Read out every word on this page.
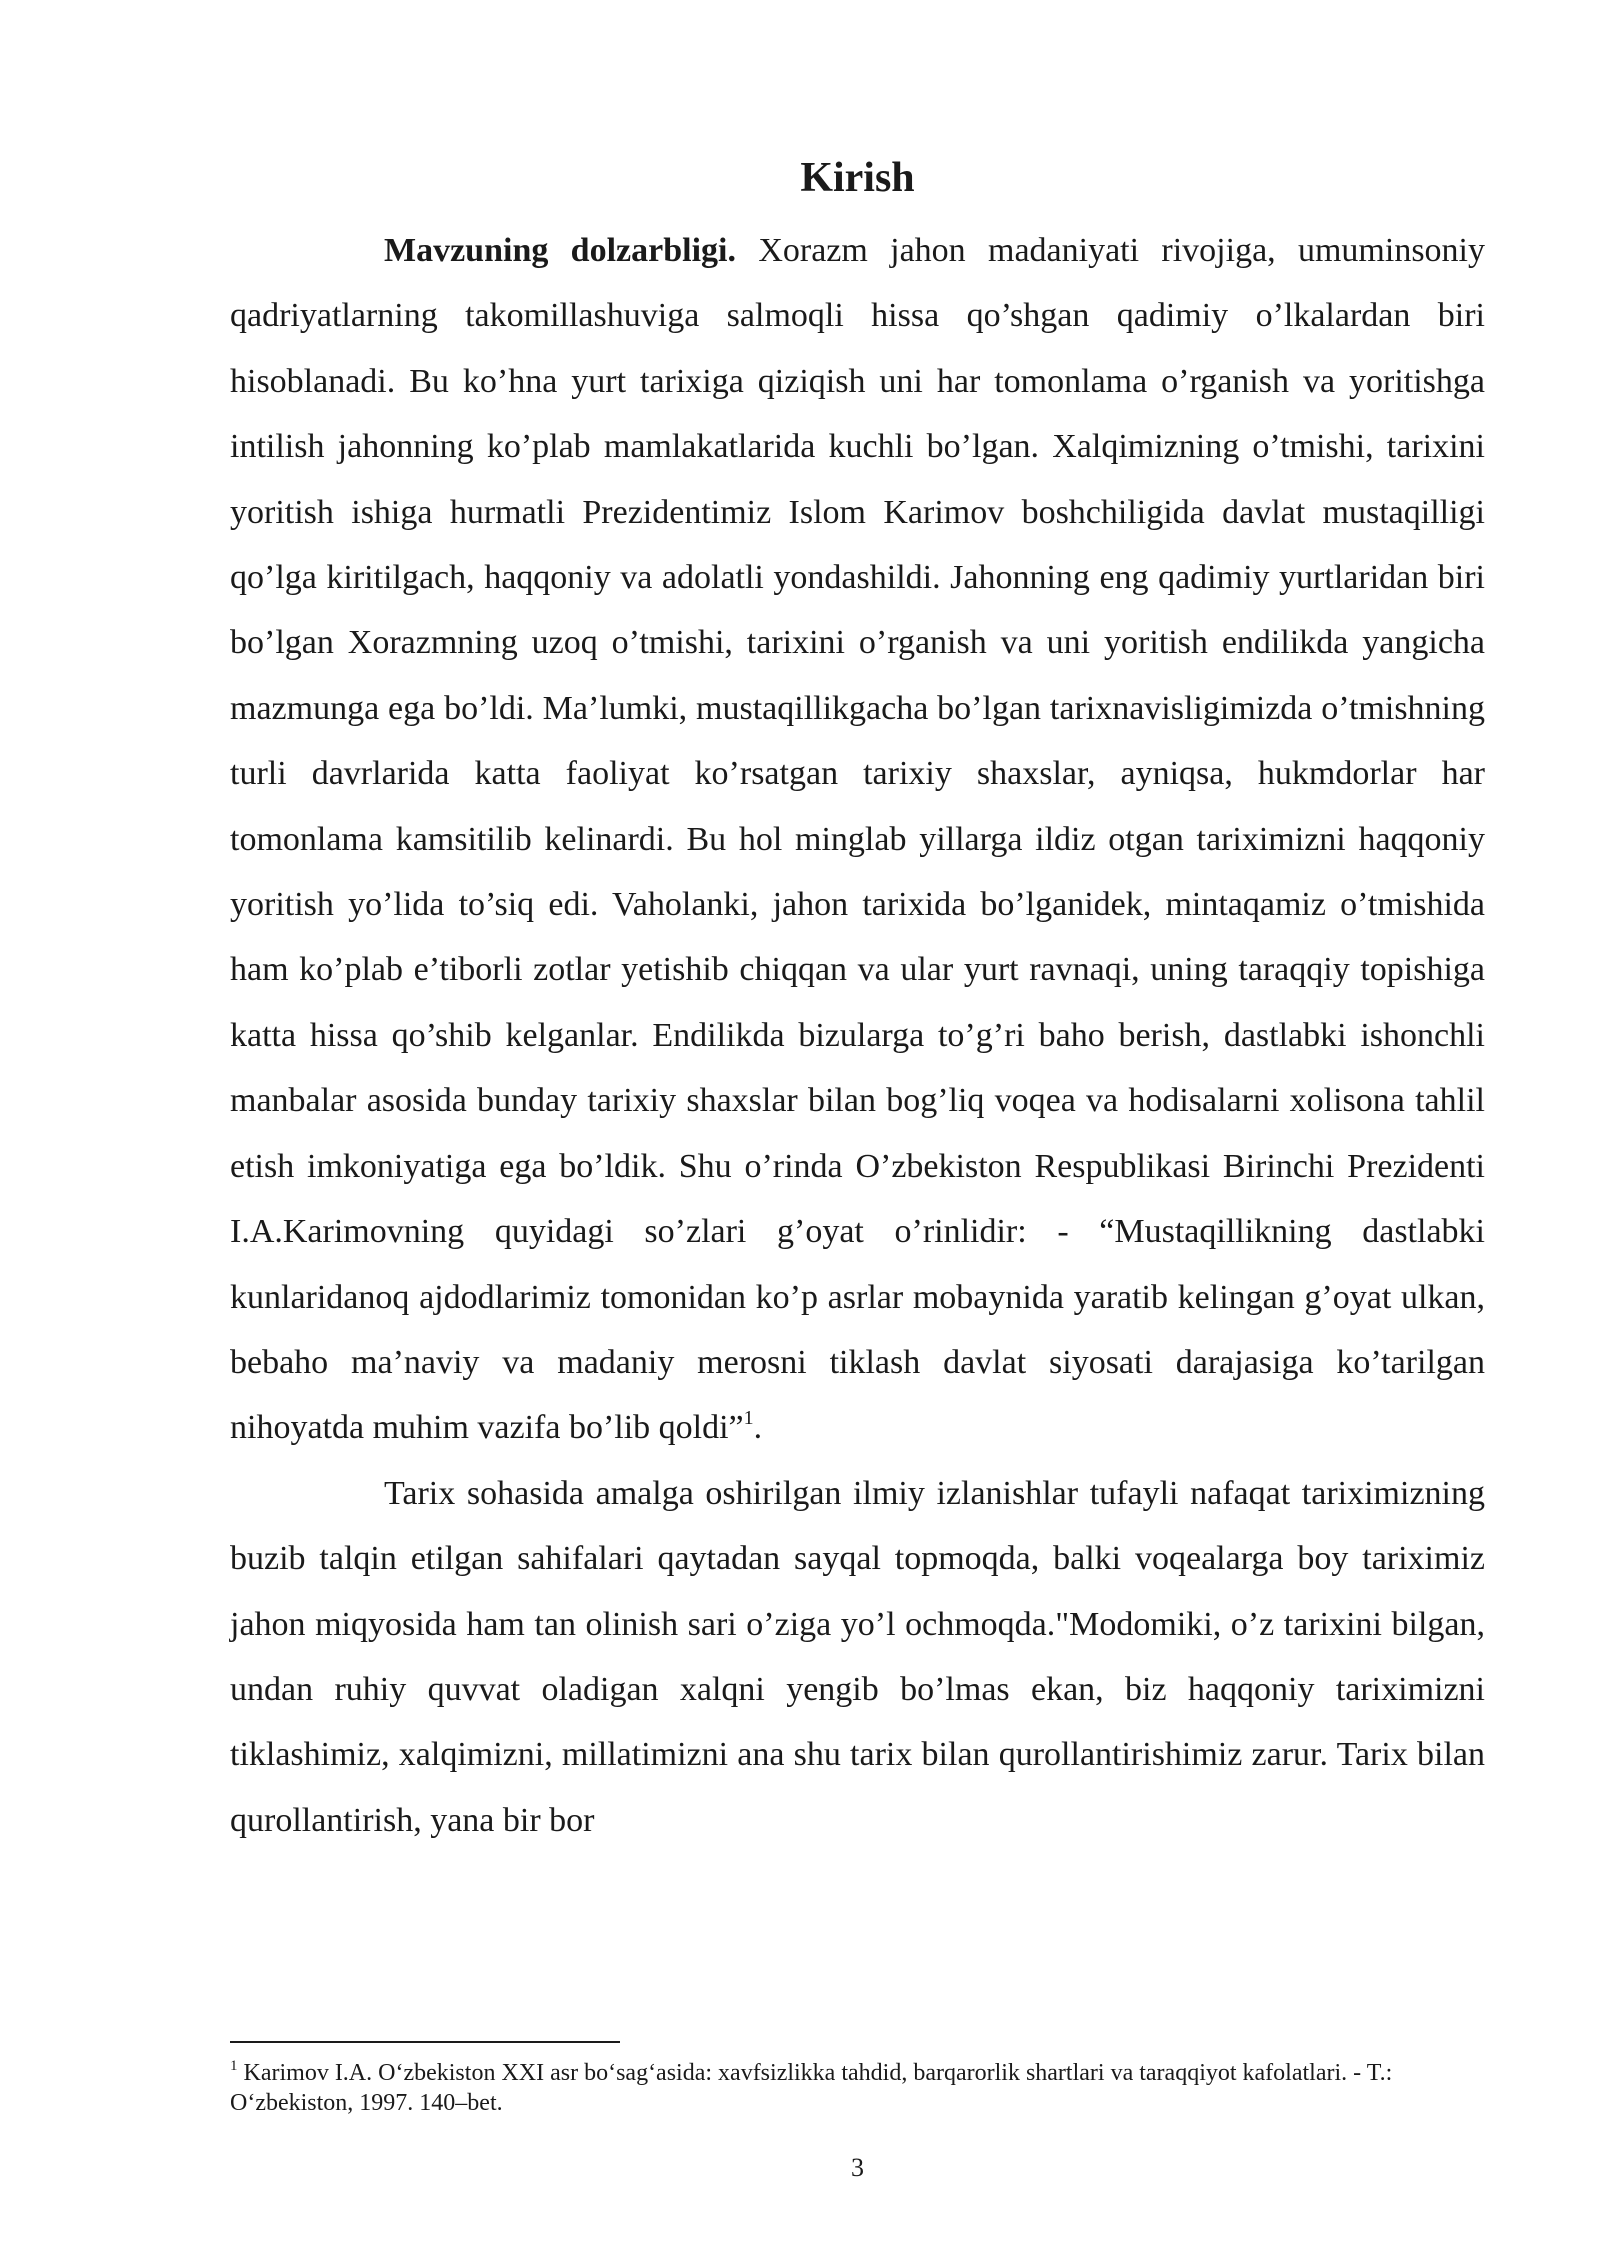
Kirish

Mavzuning dolzarbligi. Xorazm jahon madaniyati rivojiga, umuminsoniy qadriyatlarning takomillashuviga salmoqli hissa qo’shgan qadimiy o’lkalardan biri hisoblanadi. Bu ko’hna yurt tarixiga qiziqish uni har tomonlama o’rganish va yoritishga intilish jahonning ko’plab mamlakatlarida kuchli bo’lgan. Xalqimizning o’tmishi, tarixini yoritish ishiga hurmatli Prezidentimiz Islom Karimov boshchiligida davlat mustaqilligi qo’lga kiritilgach, haqqoniy va adolatli yondashildi. Jahonning eng qadimiy yurtlaridan biri bo’lgan Xorazmning uzoq o’tmishi, tarixini o’rganish va uni yoritish endilikda yangicha mazmunga ega bo’ldi. Ma’lumki, mustaqillikgacha bo’lgan tarixnavisligimizda o’tmishning turli davrlarida katta faoliyat ko’rsatgan tarixiy shaxslar, ayniqsa, hukmdorlar har tomonlama kamsitilib kelinardi. Bu hol minglab yillarga ildiz otgan tariximizni haqqoniy yoritish yo’lida to’siq edi. Vaholanki, jahon tarixida bo’lganidek, mintaqamiz o’tmishida ham ko’plab e’tiborli zotlar yetishib chiqqan va ular yurt ravnaqi, uning taraqqiy topishiga katta hissa qo’shib kelganlar. Endilikda bizularga to’g’ri baho berish, dastlabki ishonchli manbalar asosida bunday tarixiy shaxslar bilan bog’liq voqea va hodisalarni xolisona tahlil etish imkoniyatiga ega bo’ldik. Shu o’rinda O’zbekiston Respublikasi Birinchi Prezidenti I.A.Karimovning quyidagi so’zlari g’oyat o’rinlidir: - “Mustaqillikning dastlabki kunlaridanoq ajdodlarimiz tomonidan ko’p asrlar mobaynida yaratib kelingan g’oyat ulkan, bebaho ma’naviy va madaniy merosni tiklash davlat siyosati darajasiga ko’tarilgan nihoyatda muhim vazifa bo’lib qoldi”$^1$.

Tarix sohasida amalga oshirilgan ilmiy izlanishlar tufayli nafaqat tariximizning buzib talqin etilgan sahifalari qaytadan sayqal topmoqda, balki voqealarga boy tariximiz jahon miqyosida ham tan olinish sari o’ziga yo’l ochmoqda."Modomiki, o’z tarixini bilgan, undan ruhiy quvvat oladigan xalqni yengib bo’lmas ekan, biz haqqoniy tariximizni tiklashimiz, xalqimizni, millatimizni ana shu tarix bilan qurollantirishimiz zarur. Tarix bilan qurollantirish, yana bir bor

$^1$ Karimov I.A. O‘zbekiston XXI asr bo‘sag‘asida: xavfsizlikka tahdid, barqarorlik shartlari va taraqqiyot kafolatlari. - T.: O‘zbekiston, 1997. 140–bet.

3
